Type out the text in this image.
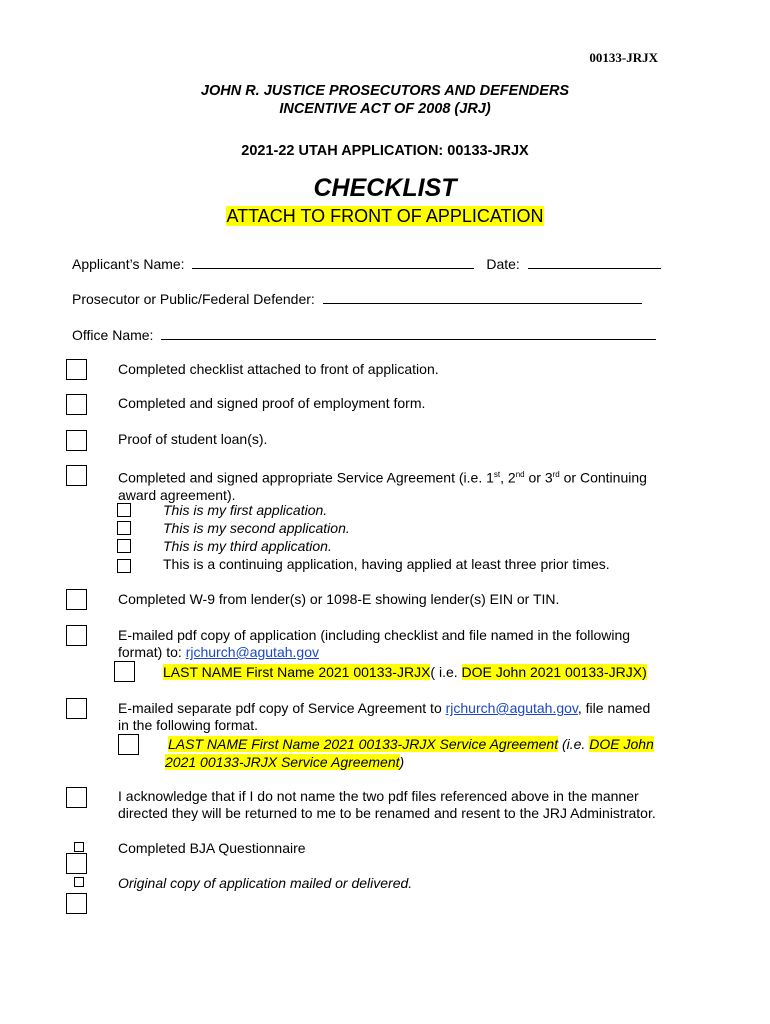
00133-JRJX
JOHN R. JUSTICE PROSECUTORS AND DEFENDERS
INCENTIVE ACT OF 2008 (JRJ)
2021-22 UTAH APPLICATION: 00133-JRJX
CHECKLIST
ATTACH TO FRONT OF APPLICATION
Applicant’s Name:	Date:
Prosecutor or Public/Federal Defender:
Office Name:
Completed checklist attached to front of application.
Completed and signed proof of employment form.
Proof of student loan(s).
Completed and signed appropriate Service Agreement (i.e. 1st, 2nd or 3rd or Continuing
award agreement).
This is my first application.
This is my second application.
This is my third application.
This is a continuing application, having applied at least three prior times.
Completed W-9 from lender(s) or 1098-E showing lender(s) EIN or TIN.
E-mailed pdf copy of application (including checklist and file named in the following
format) to: rjchurch@agutah.gov
LAST NAME First Name 2021 00133-JRJX( i.e. DOE John 2021 00133-JRJX)
E-mailed separate pdf copy of Service Agreement to rjchurch@agutah.gov, file named
in the following format.
LAST NAME First Name 2021 00133-JRJX Service Agreement (i.e. DOE John
2021 00133-JRJX Service Agreement)
I acknowledge that if I do not name the two pdf files referenced above in the manner
directed they will be returned to me to be renamed and resent to the JRJ Administrator.
Completed BJA Questionnaire
Original copy of application mailed or delivered.
